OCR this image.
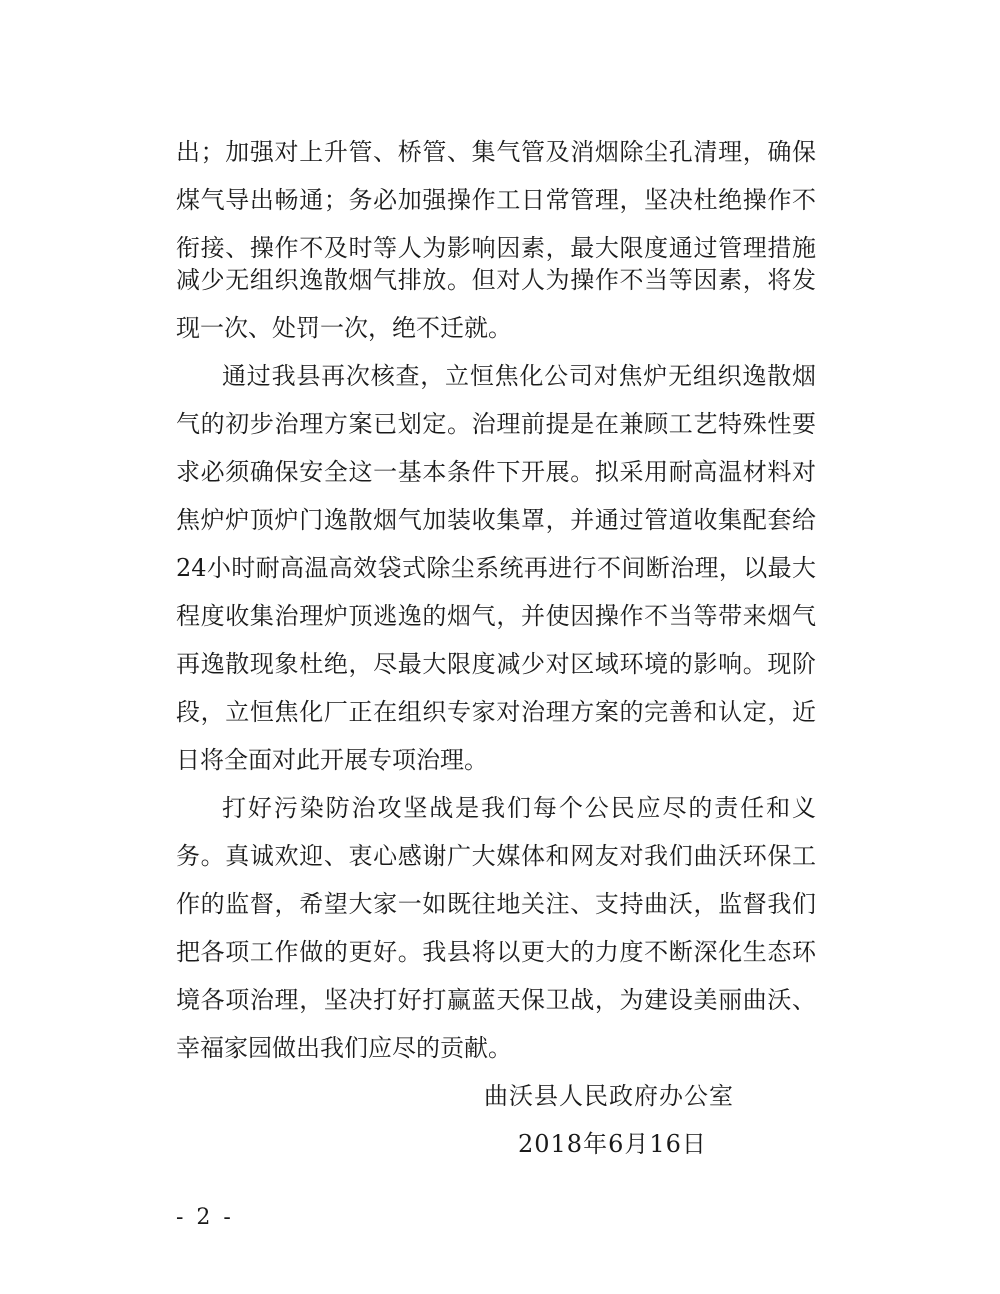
出；加强对上升管、桥管、集气管及消烟除尘孔清理，确保
煤气导出畅通；务必加强操作工日常管理，坚决杜绝操作不
衔接、操作不及时等人为影响因素，最大限度通过管理措施
减少无组织逸散烟气排放。但对人为操作不当等因素，将发
现一次、处罚一次，绝不迁就。
通过我县再次核查，立恒焦化公司对焦炉无组织逸散烟
气的初步治理方案已划定。治理前提是在兼顾工艺特殊性要
求必须确保安全这一基本条件下开展。拟采用耐高温材料对
焦炉炉顶炉门逸散烟气加装收集罩，并通过管道收集配套给
24小时耐高温高效袋式除尘系统再进行不间断治理，以最大
程度收集治理炉顶逃逸的烟气，并使因操作不当等带来烟气
再逸散现象杜绝，尽最大限度减少对区域环境的影响。现阶
段，立恒焦化厂正在组织专家对治理方案的完善和认定，近
日将全面对此开展专项治理。
打好污染防治攻坚战是我们每个公民应尽的责任和义
务。真诚欢迎、衷心感谢广大媒体和网友对我们曲沃环保工
作的监督，希望大家一如既往地关注、支持曲沃，监督我们
把各项工作做的更好。我县将以更大的力度不断深化生态环
境各项治理，坚决打好打赢蓝天保卫战，为建设美丽曲沃、
幸福家园做出我们应尽的贡献。
曲沃县人民政府办公室
2018年6月16日
- 2 -
